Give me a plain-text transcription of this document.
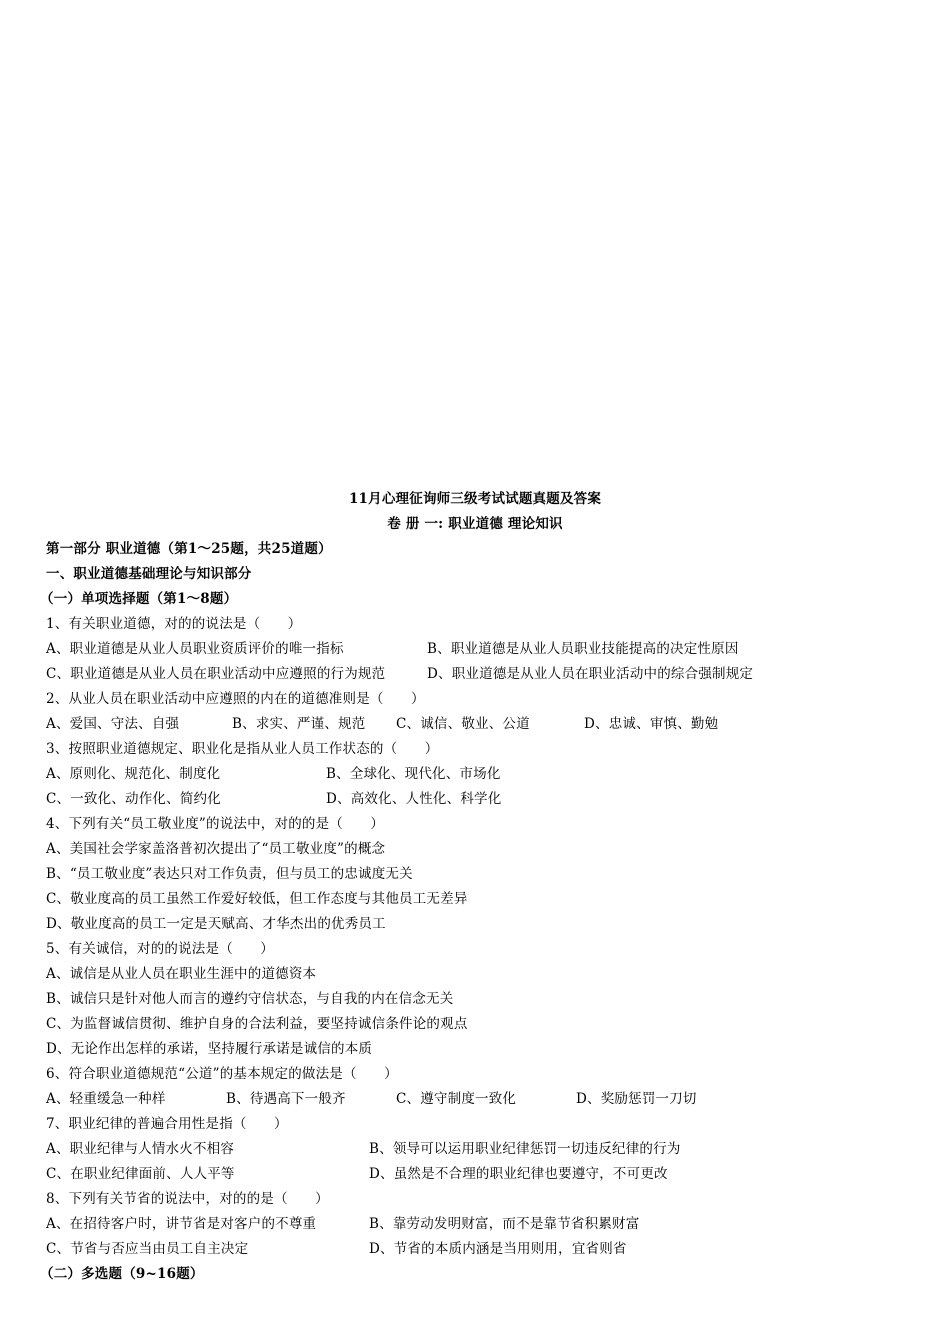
11月心理征询师三级考试试题真题及答案
卷 册 一: 职业道德 理论知识
第一部分 职业道德（第1～25题，共25道题）
一、职业道德基础理论与知识部分
（一）单项选择题（第1～8题）
1、有关职业道德，对的的说法是（　　）
A、职业道德是从业人员职业资质评价的唯一指标	B、职业道德是从业人员职业技能提高的决定性原因
C、职业道德是从业人员在职业活动中应遵照的行为规范	D、职业道德是从业人员在职业活动中的综合强制规定
2、从业人员在职业活动中应遵照的内在的道德准则是（　　）
A、爱国、守法、自强	B、求实、严谨、规范 C、诚信、敬业、公道	D、忠诚、审慎、勤勉
3、按照职业道德规定、职业化是指从业人员工作状态的（　　）
A、原则化、规范化、制度化	B、全球化、现代化、市场化
C、一致化、动作化、简约化	D、高效化、人性化、科学化
4、下列有关“员工敬业度”的说法中，对的的是（　　）
A、美国社会学家盖洛普初次提出了“员工敬业度”的概念
B、“员工敬业度”表达只对工作负责，但与员工的忠诚度无关
C、敬业度高的员工虽然工作爱好较低，但工作态度与其他员工无差异
D、敬业度高的员工一定是天赋高、才华杰出的优秀员工
5、有关诚信，对的的说法是（　　）
A、诚信是从业人员在职业生涯中的道德资本
B、诚信只是针对他人而言的遵约守信状态，与自我的内在信念无关
C、为监督诚信贯彻、维护自身的合法利益，要坚持诚信条件论的观点
D、无论作出怎样的承诺，坚持履行承诺是诚信的本质
6、符合职业道德规范“公道”的基本规定的做法是（　　）
A、轻重缓急一种样	B、待遇高下一般齐	C、遵守制度一致化	D、奖励惩罚一刀切
7、职业纪律的普遍合用性是指（　　）
A、职业纪律与人情水火不相容	B、领导可以运用职业纪律惩罚一切违反纪律的行为
C、在职业纪律面前、人人平等	D、虽然是不合理的职业纪律也要遵守，不可更改
8、下列有关节省的说法中，对的的是（　　）
A、在招待客户时，讲节省是对客户的不尊重	B、靠劳动发明财富，而不是靠节省积累财富
C、节省与否应当由员工自主决定	D、节省的本质内涵是当用则用，宜省则省
（二）多选题（9~16题）
